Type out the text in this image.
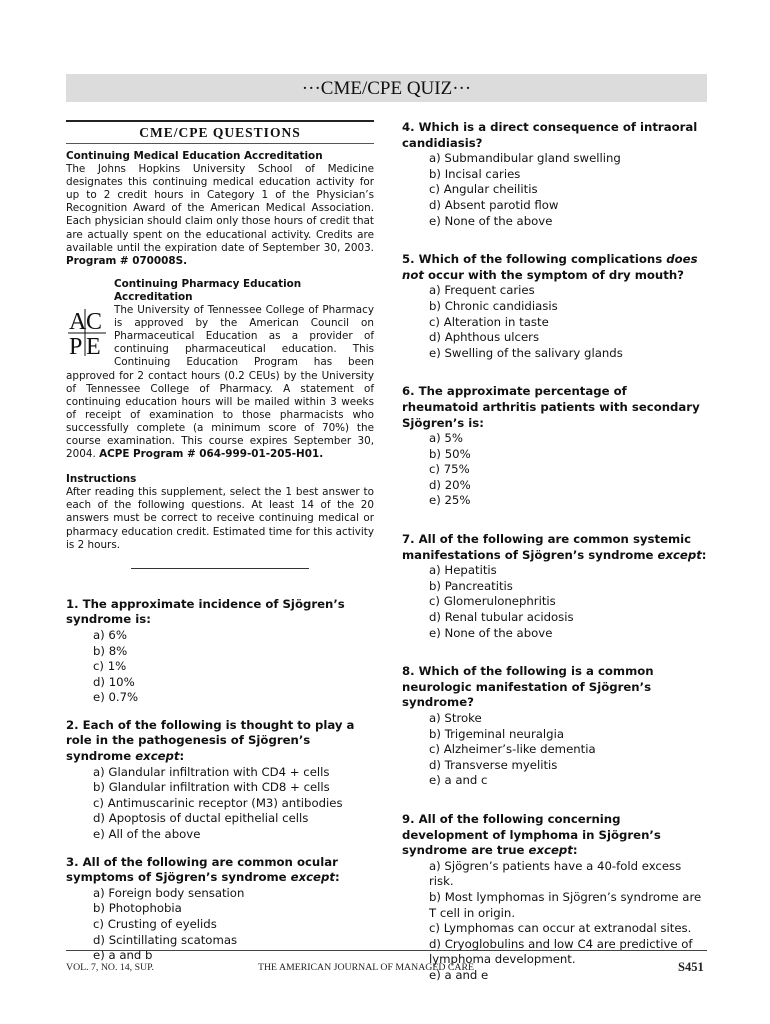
···CME/CPE QUIZ···
CME/CPE QUESTIONS
Continuing Medical Education Accreditation

The Johns Hopkins University School of Medicine designates this continuing medical education activity for up to 2 credit hours in Category 1 of the Physician’s Recognition Award of the American Medical Association. Each physician should claim only those hours of credit that are actually spent on the educational activity. Credits are available until the expiration date of September 30, 2003. Program # 070008S.

Continuing Pharmacy Education Accreditation
A C
P E

The University of Tennessee College of Pharmacy is approved by the American Council on Pharmaceutical Education as a provider of continuing pharmaceutical education. This Continuing Education Program has been approved for 2 contact hours (0.2 CEUs) by the University of Tennessee College of Pharmacy. A statement of continuing education hours will be mailed within 3 weeks of receipt of examination to those pharmacists who successfully complete (a minimum score of 70%) the course examination. This course expires September 30, 2004. ACPE Program # 064-999-01-205-H01.

Instructions

After reading this supplement, select the 1 best answer to each of the following questions. At least 14 of the 20 answers must be correct to receive continuing medical or pharmacy education credit. Estimated time for this activity is 2 hours.

1. The approximate incidence of Sjögren’s syndrome is:
a) 6%
b) 8%
c) 1%
d) 10%
e) 0.7%
2. Each of the following is thought to play a role in the pathogenesis of Sjögren’s syndrome except:
a) Glandular infiltration with CD4 + cells
b) Glandular infiltration with CD8 + cells
c) Antimuscarinic receptor (M3) antibodies
d) Apoptosis of ductal epithelial cells
e) All of the above
3. All of the following are common ocular symptoms of Sjögren’s syndrome except:
a) Foreign body sensation
b) Photophobia
c) Crusting of eyelids
d) Scintillating scatomas
e) a and b
4. Which is a direct consequence of intraoral candidiasis?
a) Submandibular gland swelling
b) Incisal caries
c) Angular cheilitis
d) Absent parotid flow
e) None of the above
5. Which of the following complications does not occur with the symptom of dry mouth?
a) Frequent caries
b) Chronic candidiasis
c) Alteration in taste
d) Aphthous ulcers
e) Swelling of the salivary glands
6. The approximate percentage of rheumatoid arthritis patients with secondary Sjögren’s is:
a) 5%
b) 50%
c) 75%
d) 20%
e) 25%
7. All of the following are common systemic manifestations of Sjögren’s syndrome except:
a) Hepatitis
b) Pancreatitis
c) Glomerulonephritis
d) Renal tubular acidosis
e) None of the above
8. Which of the following is a common neurologic manifestation of Sjögren’s syndrome?
a) Stroke
b) Trigeminal neuralgia
c) Alzheimer’s-like dementia
d) Transverse myelitis
e) a and c
9. All of the following concerning development of lymphoma in Sjögren’s syndrome are true except:
a) Sjögren’s patients have a 40-fold excess risk.
b) Most lymphomas in Sjögren’s syndrome are T cell in origin.
c) Lymphomas can occur at extranodal sites.
d) Cryoglobulins and low C4 are predictive of lymphoma development.
e) a and e
VOL. 7, NO. 14, SUP.	THE AMERICAN JOURNAL OF MANAGED CARE	S451
